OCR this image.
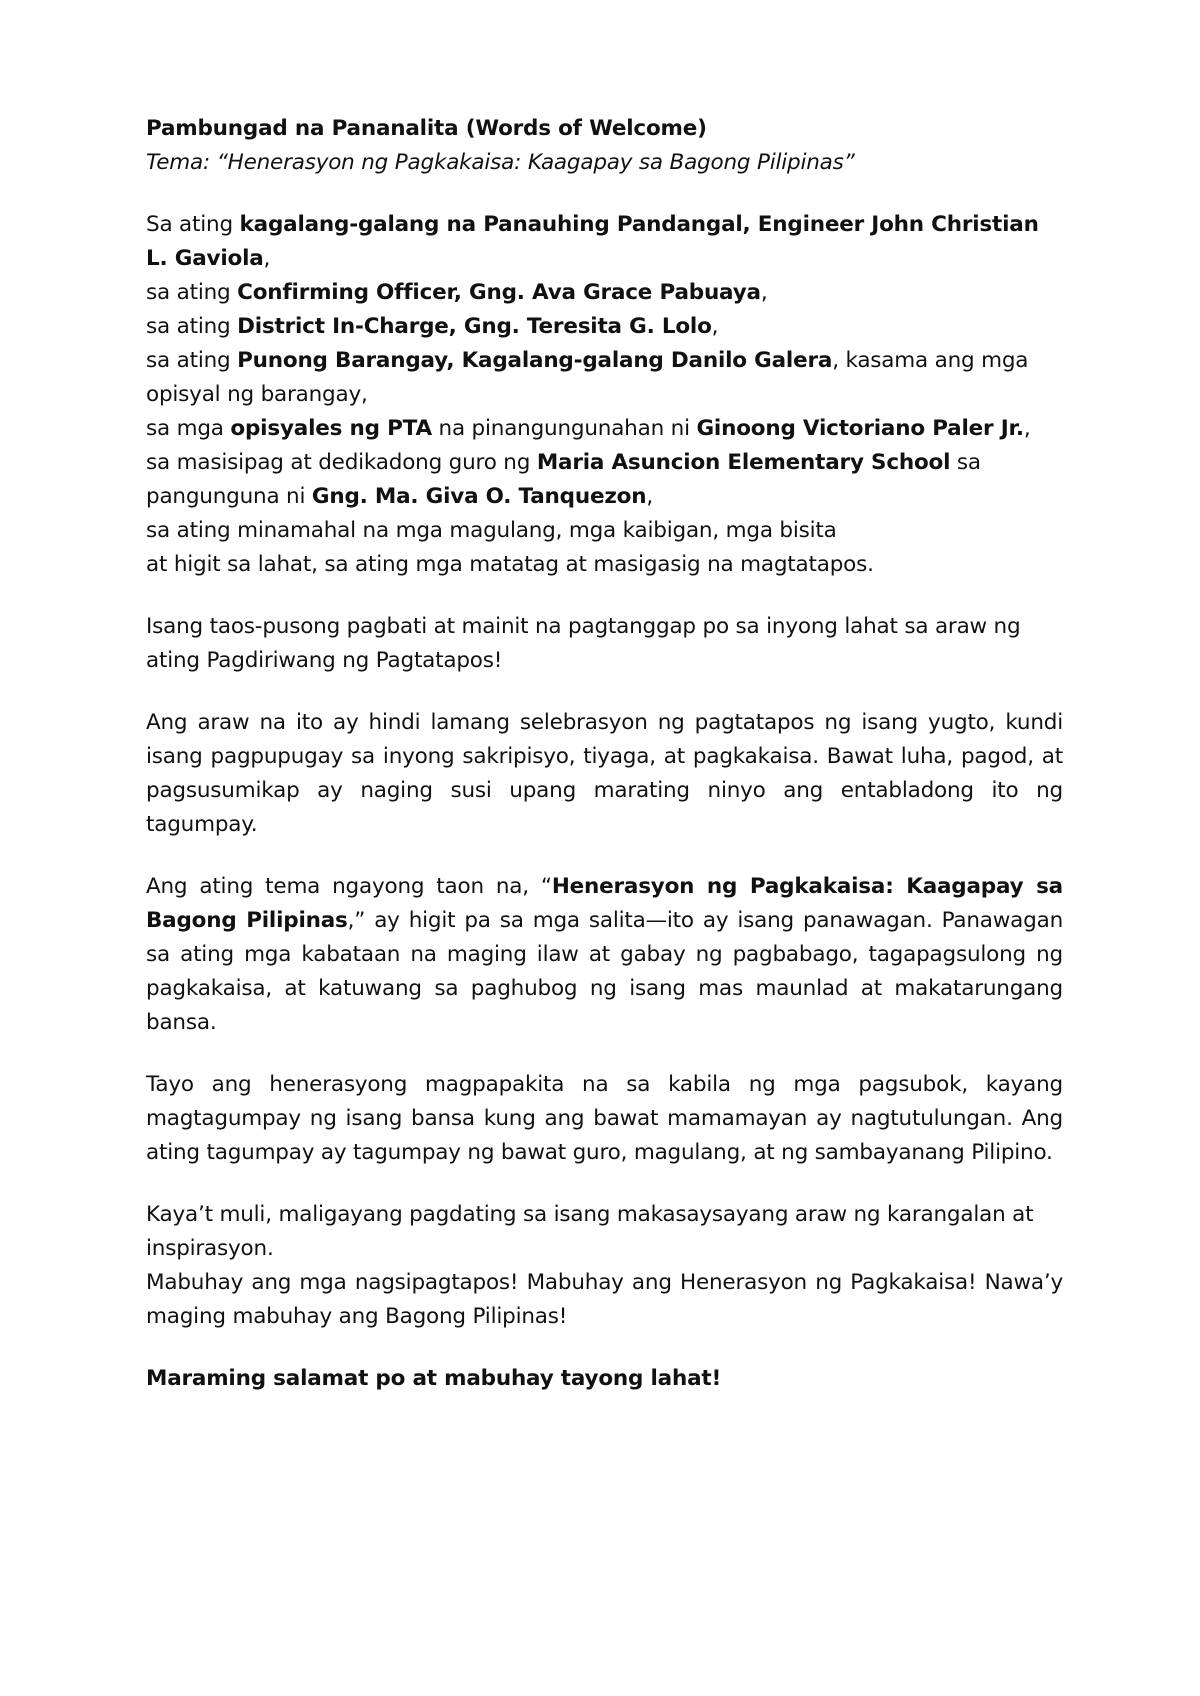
Pambungad na Pananalita (Words of Welcome)

Tema: “Henerasyon ng Pagkakaisa: Kaagapay sa Bagong Pilipinas”

Sa ating kagalang-galang na Panauhing Pandangal, Engineer John Christian L. Gaviola,

sa ating Confirming Officer, Gng. Ava Grace Pabuaya,

sa ating District In-Charge, Gng. Teresita G. Lolo,

sa ating Punong Barangay, Kagalang-galang Danilo Galera, kasama ang mga opisyal ng barangay,

sa mga opisyales ng PTA na pinangungunahan ni Ginoong Victoriano Paler Jr.,

sa masisipag at dedikadong guro ng Maria Asuncion Elementary School sa pangunguna ni Gng. Ma. Giva O. Tanquezon,

sa ating minamahal na mga magulang, mga kaibigan, mga bisita

at higit sa lahat, sa ating mga matatag at masigasig na magtatapos.

Isang taos-pusong pagbati at mainit na pagtanggap po sa inyong lahat sa araw ng ating Pagdiriwang ng Pagtatapos!

Ang araw na ito ay hindi lamang selebrasyon ng pagtatapos ng isang yugto, kundi isang pagpupugay sa inyong sakripisyo, tiyaga, at pagkakaisa. Bawat luha, pagod, at pagsusumikap ay naging susi upang marating ninyo ang entabladong ito ng tagumpay.

Ang ating tema ngayong taon na, “Henerasyon ng Pagkakaisa: Kaagapay sa Bagong Pilipinas,” ay higit pa sa mga salita—ito ay isang panawagan. Panawagan sa ating mga kabataan na maging ilaw at gabay ng pagbabago, tagapagsulong ng pagkakaisa, at katuwang sa paghubog ng isang mas maunlad at makatarungang bansa.

Tayo ang henerasyong magpapakita na sa kabila ng mga pagsubok, kayang magtagumpay ng isang bansa kung ang bawat mamamayan ay nagtutulungan. Ang ating tagumpay ay tagumpay ng bawat guro, magulang, at ng sambayanang Pilipino.

Kaya’t muli, maligayang pagdating sa isang makasaysayang araw ng karangalan at inspirasyon.

Mabuhay ang mga nagsipagtapos! Mabuhay ang Henerasyon ng Pagkakaisa! Nawa’y maging mabuhay ang Bagong Pilipinas!

Maraming salamat po at mabuhay tayong lahat!
